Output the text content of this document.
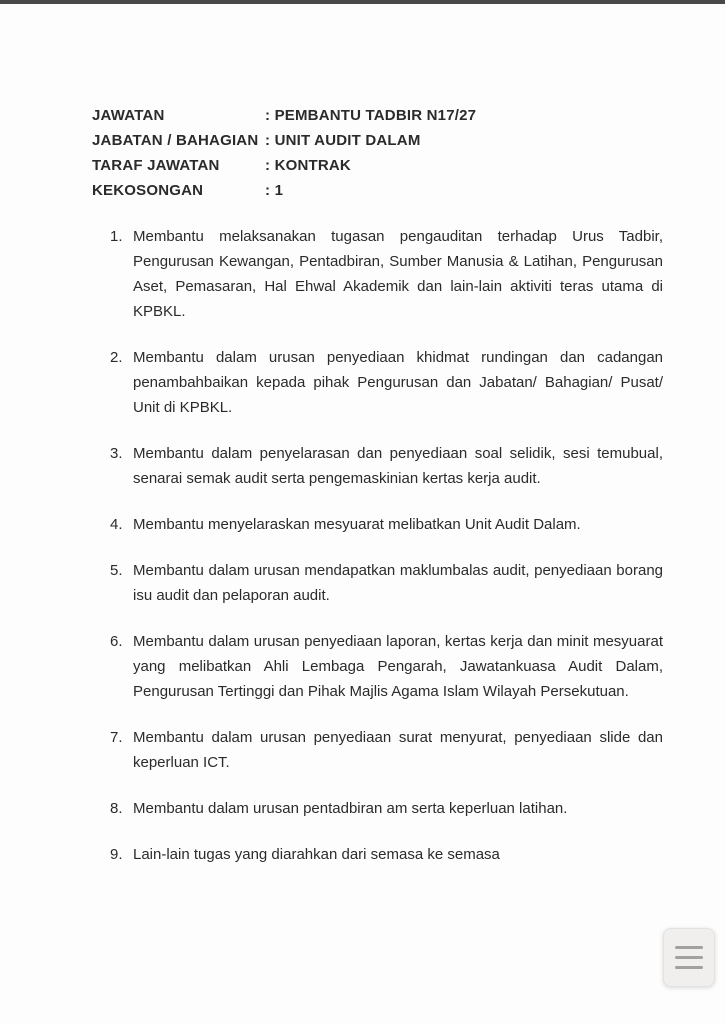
JAWATAN	: PEMBANTU TADBIR N17/27
JABATAN / BAHAGIAN : UNIT AUDIT DALAM
TARAF JAWATAN	: KONTRAK
KEKOSONGAN	: 1
1. Membantu melaksanakan tugasan pengauditan terhadap Urus Tadbir, Pengurusan Kewangan, Pentadbiran, Sumber Manusia & Latihan, Pengurusan Aset, Pemasaran, Hal Ehwal Akademik dan lain-lain aktiviti teras utama di KPBKL.
2. Membantu dalam urusan penyediaan khidmat rundingan dan cadangan penambahbaikan kepada pihak Pengurusan dan Jabatan/ Bahagian/ Pusat/ Unit di KPBKL.
3. Membantu dalam penyelarasan dan penyediaan soal selidik, sesi temubual, senarai semak audit serta pengemaskinian kertas kerja audit.
4. Membantu menyelaraskan mesyuarat melibatkan Unit Audit Dalam.
5. Membantu dalam urusan mendapatkan maklumbalas audit, penyediaan borang isu audit dan pelaporan audit.
6. Membantu dalam urusan penyediaan laporan, kertas kerja dan minit mesyuarat yang melibatkan Ahli Lembaga Pengarah, Jawatankuasa Audit Dalam, Pengurusan Tertinggi dan Pihak Majlis Agama Islam Wilayah Persekutuan.
7. Membantu dalam urusan penyediaan surat menyurat, penyediaan slide dan keperluan ICT.
8. Membantu dalam urusan pentadbiran am serta keperluan latihan.
9. Lain-lain tugas yang diarahkan dari semasa ke semasa
